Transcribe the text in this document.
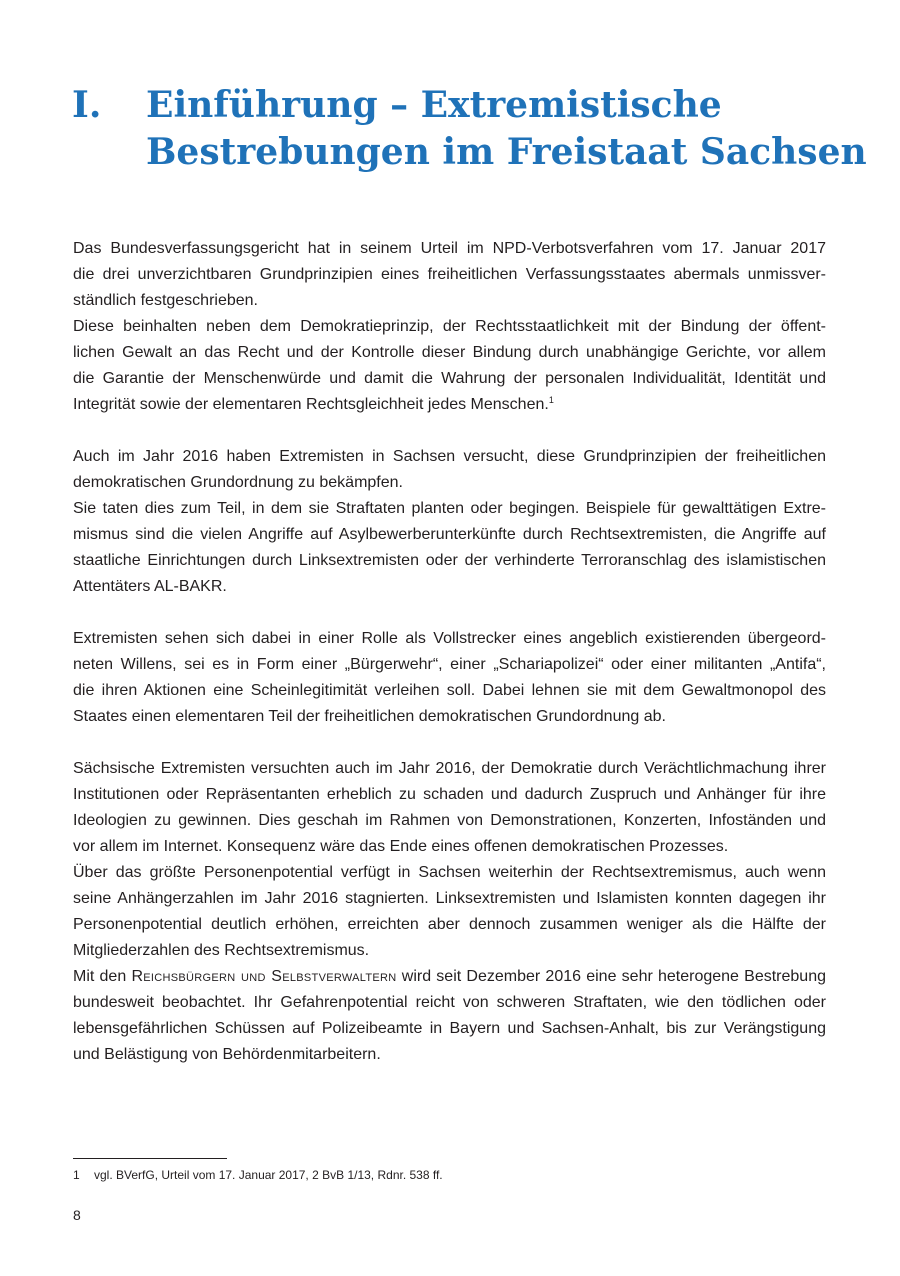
I.	Einführung – Extremistische
Bestrebungen im Freistaat Sachsen
Das Bundesverfassungsgericht hat in seinem Urteil im NPD-Verbotsverfahren vom 17. Januar 2017
die drei unverzichtbaren Grundprinzipien eines freiheitlichen Verfassungsstaates abermals unmissver-
ständlich festgeschrieben.
Diese beinhalten neben dem Demokratieprinzip, der Rechtsstaatlichkeit mit der Bindung der öffent-
lichen Gewalt an das Recht und der Kontrolle dieser Bindung durch unabhängige Gerichte, vor allem
die Garantie der Menschenwürde und damit die Wahrung der personalen Individualität, Identität und
Integrität sowie der elementaren Rechtsgleichheit jedes Menschen.$^1$
Auch im Jahr 2016 haben Extremisten in Sachsen versucht, diese Grundprinzipien der freiheitlichen
demokratischen Grundordnung zu bekämpfen.
Sie taten dies zum Teil, in dem sie Straftaten planten oder begingen. Beispiele für gewalttätigen Extre-
mismus sind die vielen Angriffe auf Asylbewerberunterkünfte durch Rechtsextremisten, die Angriffe auf
staatliche Einrichtungen durch Linksextremisten oder der verhinderte Terroranschlag des islamistischen
Attentäters AL-BAKR.
Extremisten sehen sich dabei in einer Rolle als Vollstrecker eines angeblich existierenden übergeord-
neten Willens, sei es in Form einer „Bürgerwehr“, einer „Schariapolizei“ oder einer militanten „Antifa“,
die ihren Aktionen eine Scheinlegitimität verleihen soll. Dabei lehnen sie mit dem Gewaltmonopol des
Staates einen elementaren Teil der freiheitlichen demokratischen Grundordnung ab.
Sächsische Extremisten versuchten auch im Jahr 2016, der Demokratie durch Verächtlichmachung ihrer
Institutionen oder Repräsentanten erheblich zu schaden und dadurch Zuspruch und Anhänger für ihre
Ideologien zu gewinnen. Dies geschah im Rahmen von Demonstrationen, Konzerten, Infoständen und
vor allem im Internet. Konsequenz wäre das Ende eines offenen demokratischen Prozesses.
Über das größte Personenpotential verfügt in Sachsen weiterhin der Rechtsextremismus, auch wenn
seine Anhängerzahlen im Jahr 2016 stagnierten. Linksextremisten und Islamisten konnten dagegen ihr
Personenpotential deutlich erhöhen, erreichten aber dennoch zusammen weniger als die Hälfte der
Mitgliederzahlen des Rechtsextremismus.
Mit den Reichsbürgern und Selbstverwaltern wird seit Dezember 2016 eine sehr heterogene Bestrebung
bundesweit beobachtet. Ihr Gefahrenpotential reicht von schweren Straftaten, wie den tödlichen oder
lebensgefährlichen Schüssen auf Polizeibeamte in Bayern und Sachsen-Anhalt, bis zur Verängstigung
und Belästigung von Behördenmitarbeitern.
1 vgl. BVerfG, Urteil vom 17. Januar 2017, 2 BvB 1/13, Rdnr. 538 ff.
8
